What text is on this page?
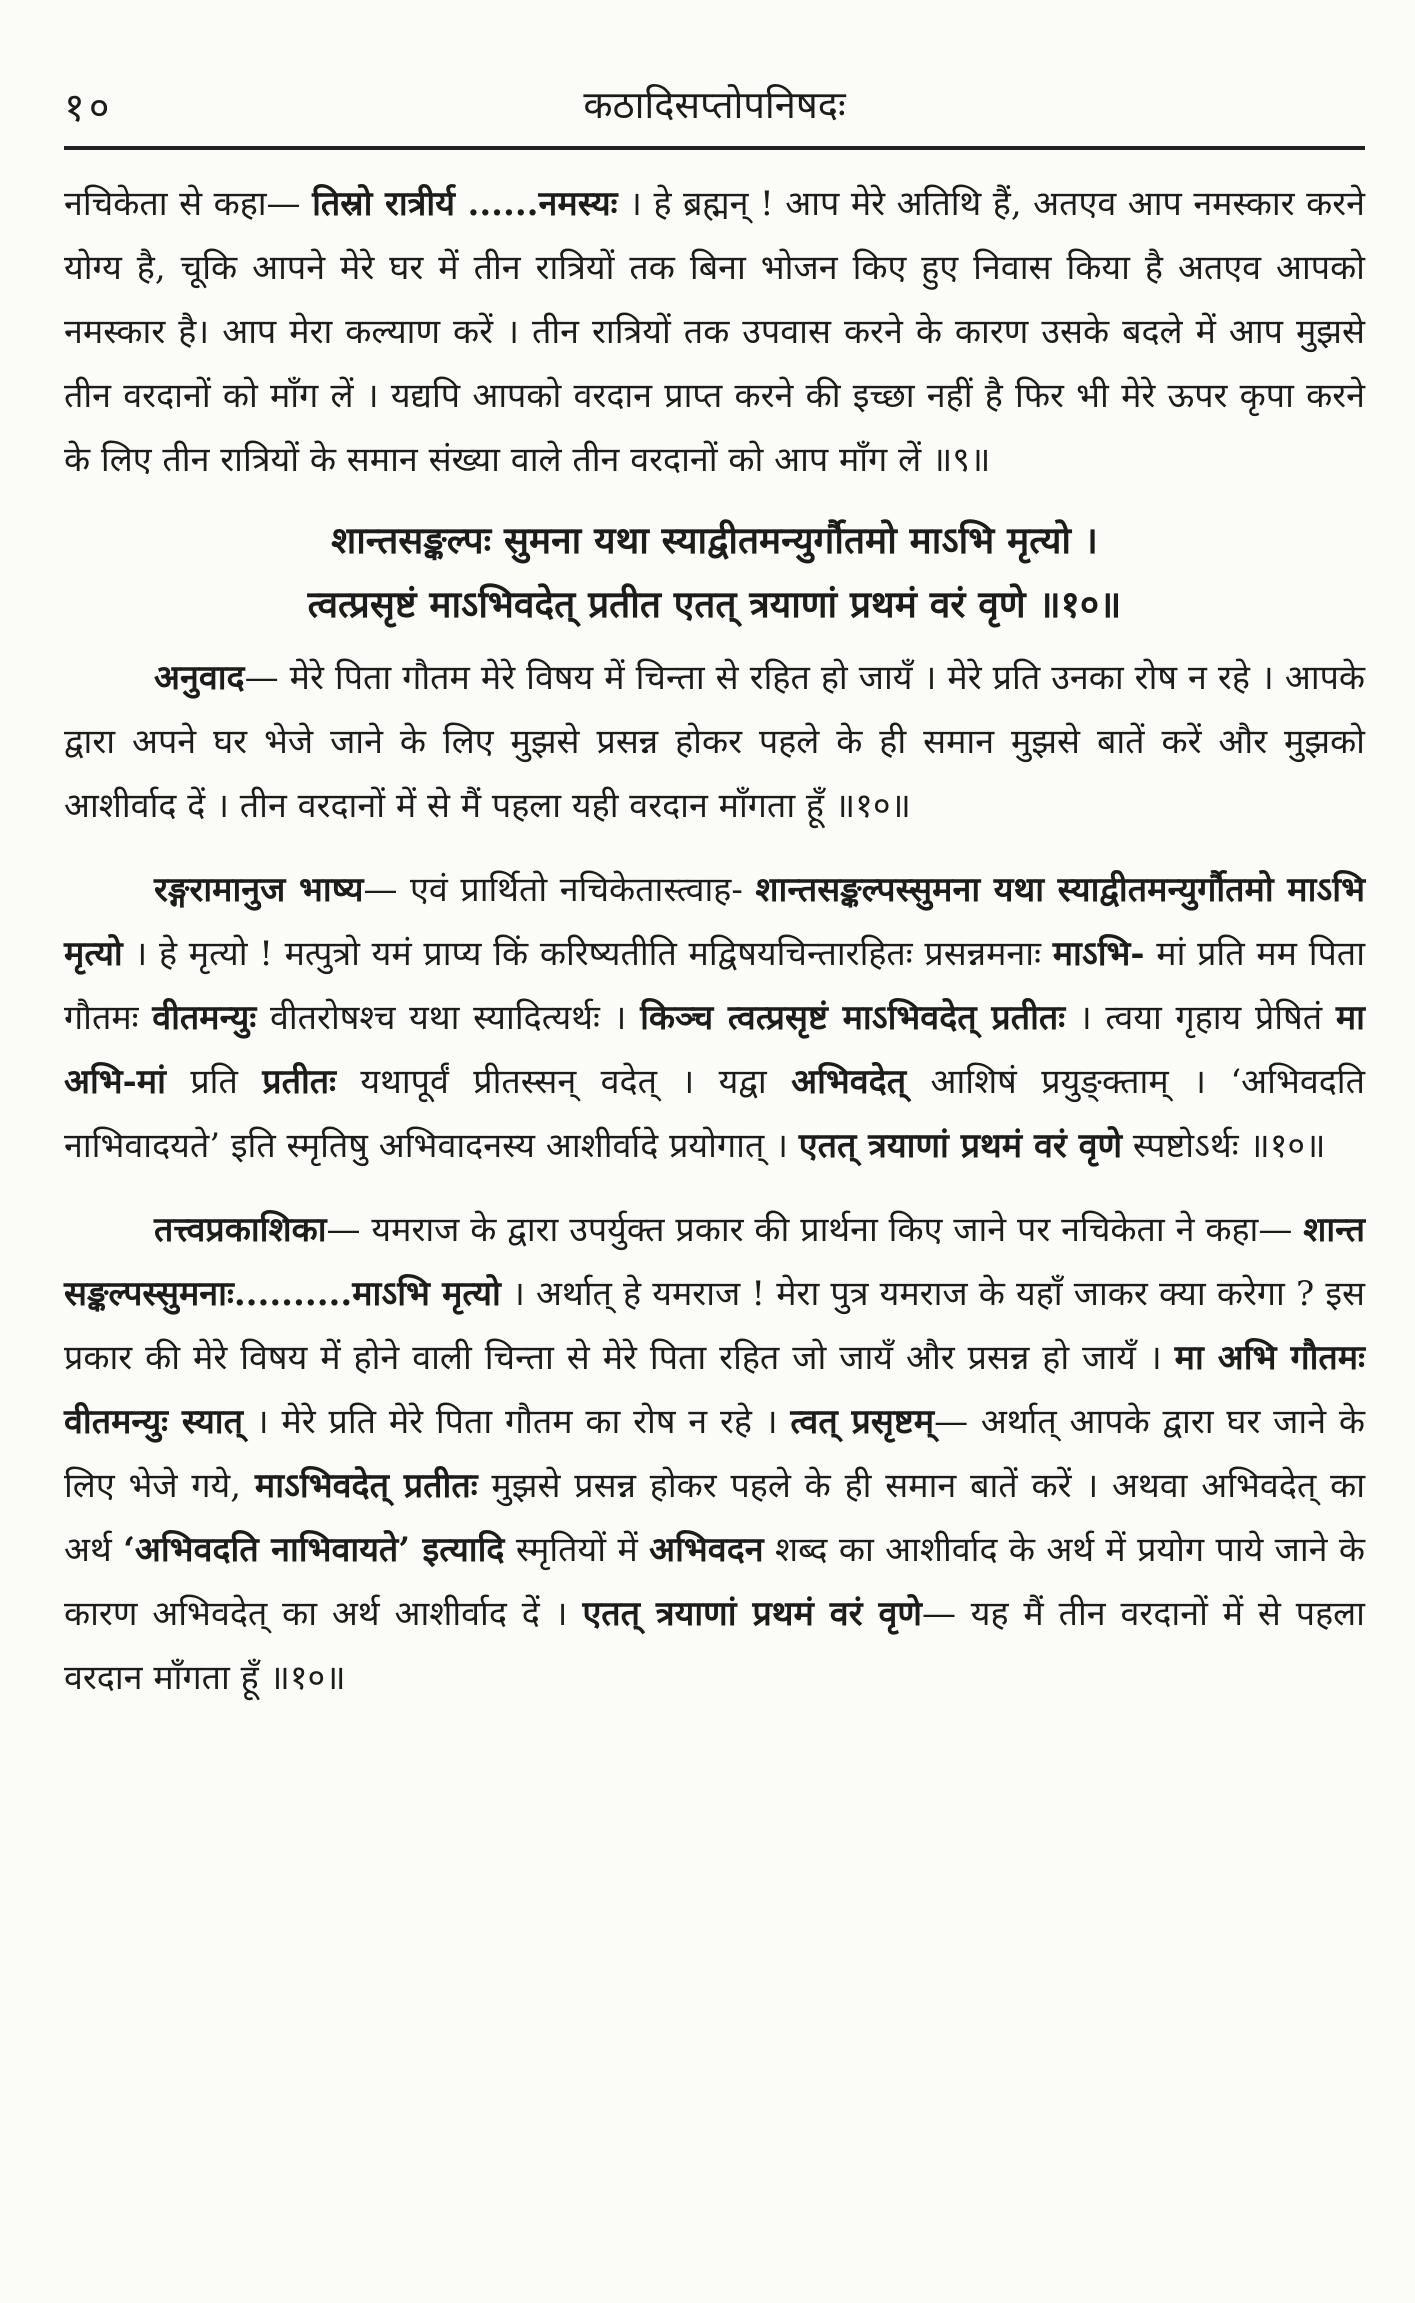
१०	कठादिसप्तोपनिषदः

नचिकेता से कहा— तिस्रो रात्रीर्य ......नमस्यः । हे ब्रह्मन् ! आप मेरे अतिथि हैं, अतएव आप नमस्कार करने योग्य है, चूकि आपने मेरे घर में तीन रात्रियों तक बिना भोजन किए हुए निवास किया है अतएव आपको नमस्कार है। आप मेरा कल्याण करें । तीन रात्रियों तक उपवास करने के कारण उसके बदले में आप मुझसे तीन वरदानों को माँग लें । यद्यपि आपको वरदान प्राप्त करने की इच्छा नहीं है फिर भी मेरे ऊपर कृपा करने के लिए तीन रात्रियों के समान संख्या वाले तीन वरदानों को आप माँग लें ॥९॥

शान्तसङ्कल्पः सुमना यथा स्याद्वीतमन्युर्गौतमो माऽभि मृत्यो ।
त्वत्प्रसृष्टं माऽभिवदेत् प्रतीत एतत् त्रयाणां प्रथमं वरं वृणे ॥१०॥

अनुवाद— मेरे पिता गौतम मेरे विषय में चिन्ता से रहित हो जायँ । मेरे प्रति उनका रोष न रहे । आपके द्वारा अपने घर भेजे जाने के लिए मुझसे प्रसन्न होकर पहले के ही समान मुझसे बातें करें और मुझको आशीर्वाद दें । तीन वरदानों में से मैं पहला यही वरदान माँगता हूँ ॥१०॥

रङ्गरामानुज भाष्य— एवं प्रार्थितो नचिकेतास्त्वाह- शान्तसङ्कल्पस्सुमना यथा स्याद्वीतमन्युर्गौतमो माऽभि मृत्यो । हे मृत्यो ! मत्पुत्रो यमं प्राप्य किं करिष्यतीति मद्विषयचिन्तारहितः प्रसन्नमनाः माऽभि- मां प्रति मम पिता गौतमः वीतमन्युः वीतरोषश्च यथा स्यादित्यर्थः । किञ्च त्वत्प्रसृष्टं माऽभिवदेत् प्रतीतः । त्वया गृहाय प्रेषितं मा अभि-मां प्रति प्रतीतः यथापूर्वं प्रीतस्सन् वदेत् । यद्वा अभिवदेत् आशिषं प्रयुङ्क्ताम् । ‘अभिवदति नाभिवादयते’ इति स्मृतिषु अभिवादनस्य आशीर्वादे प्रयोगात् । एतत् त्रयाणां प्रथमं वरं वृणे स्पष्टोऽर्थः ॥१०॥

तत्त्वप्रकाशिका— यमराज के द्वारा उपर्युक्त प्रकार की प्रार्थना किए जाने पर नचिकेता ने कहा— शान्त सङ्कल्पस्सुमनाः..........माऽभि मृत्यो । अर्थात् हे यमराज ! मेरा पुत्र यमराज के यहाँ जाकर क्या करेगा ? इस प्रकार की मेरे विषय में होने वाली चिन्ता से मेरे पिता रहित जो जायँ और प्रसन्न हो जायँ । मा अभि गौतमः वीतमन्युः स्यात् । मेरे प्रति मेरे पिता गौतम का रोष न रहे । त्वत् प्रसृष्टम्— अर्थात् आपके द्वारा घर जाने के लिए भेजे गये, माऽभिवदेत् प्रतीतः मुझसे प्रसन्न होकर पहले के ही समान बातें करें । अथवा अभिवदेत् का अर्थ ‘अभिवदति नाभिवायते’ इत्यादि स्मृतियों में अभिवदन शब्द का आशीर्वाद के अर्थ में प्रयोग पाये जाने के कारण अभिवदेत् का अर्थ आशीर्वाद दें । एतत् त्रयाणां प्रथमं वरं वृणे— यह मैं तीन वरदानों में से पहला वरदान माँगता हूँ ॥१०॥
